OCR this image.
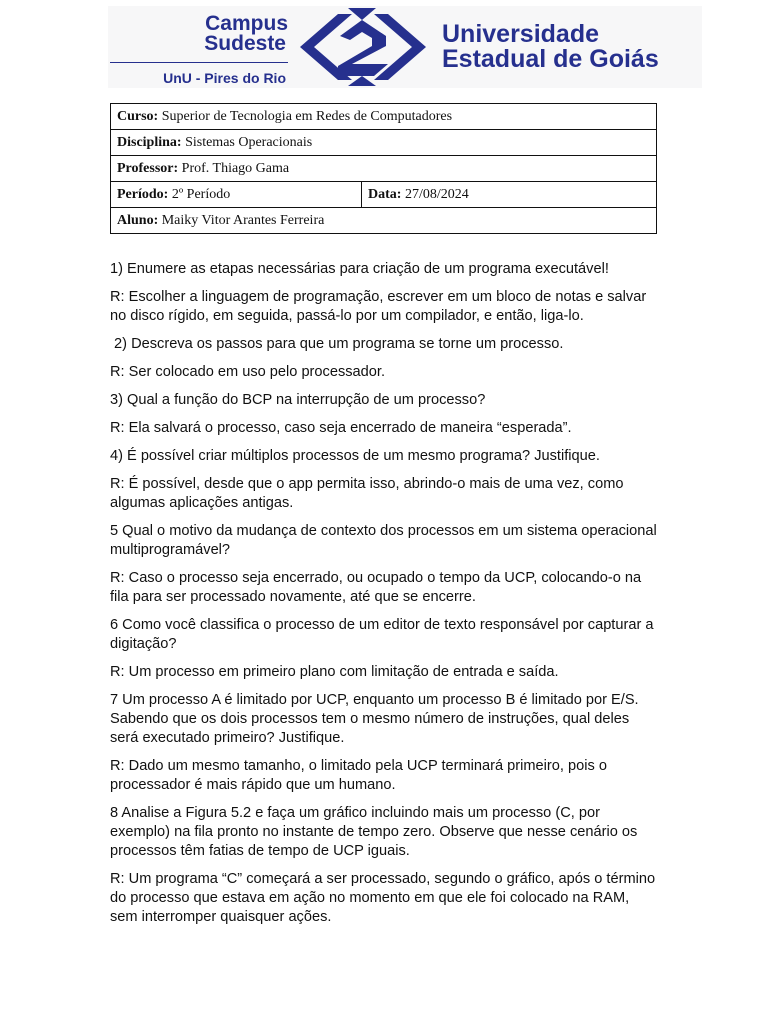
Campus
Sudeste
UnU - Pires do Rio
Universidade
Estadual de Goiás
Curso: Superior de Tecnologia em Redes de Computadores
Disciplina: Sistemas Operacionais
Professor: Prof. Thiago Gama
Período: 2º Período	Data: 27/08/2024
Aluno: Maiky Vitor Arantes Ferreira

1) Enumere as etapas necessárias para criação de um programa executável!

R: Escolher a linguagem de programação, escrever em um bloco de notas e salvar no disco rígido, em seguida, passá-lo por um compilador, e então, liga-lo.

2) Descreva os passos para que um programa se torne um processo.

R: Ser colocado em uso pelo processador.

3) Qual a função do BCP na interrupção de um processo?

R: Ela salvará o processo, caso seja encerrado de maneira “esperada”.

4) É possível criar múltiplos processos de um mesmo programa? Justifique.

R: É possível, desde que o app permita isso, abrindo-o mais de uma vez, como algumas aplicações antigas.

5 Qual o motivo da mudança de contexto dos processos em um sistema operacional multiprogramável?

R: Caso o processo seja encerrado, ou ocupado o tempo da UCP, colocando-o na fila para ser processado novamente, até que se encerre.

6 Como você classifica o processo de um editor de texto responsável por capturar a digitação?

R: Um processo em primeiro plano com limitação de entrada e saída.

7 Um processo A é limitado por UCP, enquanto um processo B é limitado por E/S. Sabendo que os dois processos tem o mesmo número de instruções, qual deles será executado primeiro? Justifique.

R: Dado um mesmo tamanho, o limitado pela UCP terminará primeiro, pois o processador é mais rápido que um humano.

8 Analise a Figura 5.2 e faça um gráfico incluindo mais um processo (C, por exemplo) na fila pronto no instante de tempo zero. Observe que nesse cenário os processos têm fatias de tempo de UCP iguais.

R: Um programa “C” começará a ser processado, segundo o gráfico, após o término do processo que estava em ação no momento em que ele foi colocado na RAM, sem interromper quaisquer ações.
